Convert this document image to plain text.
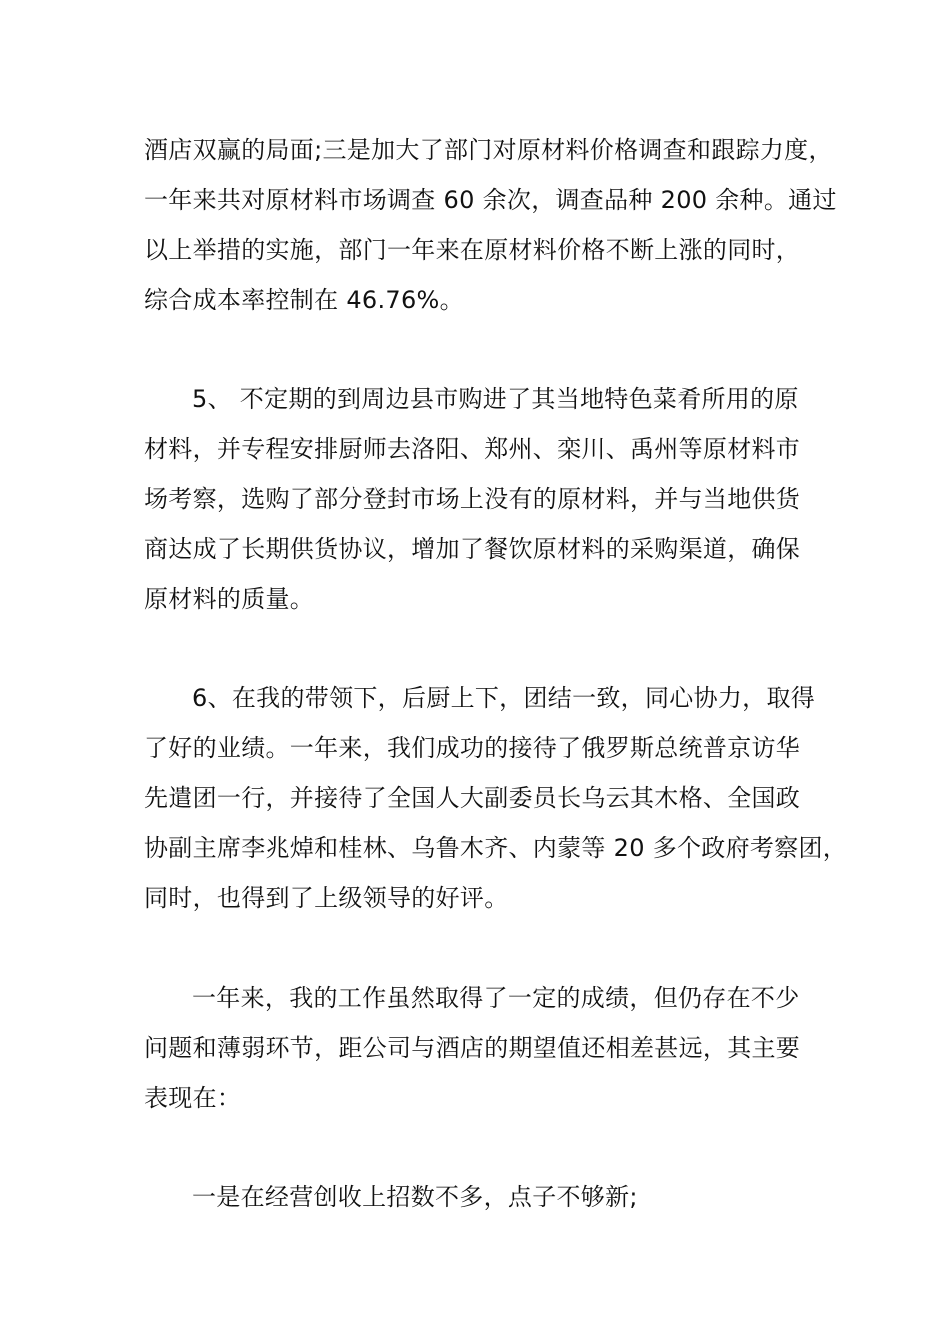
酒店双赢的局面;三是加大了部门对原材料价格调查和跟踪力度，
一年来共对原材料市场调查 60 余次，调查品种 200 余种。通过
以上举措的实施，部门一年来在原材料价格不断上涨的同时，
综合成本率控制在 46.76%。
5、 不定期的到周边县市购进了其当地特色菜肴所用的原
材料，并专程安排厨师去洛阳、郑州、栾川、禹州等原材料市
场考察，选购了部分登封市场上没有的原材料，并与当地供货
商达成了长期供货协议，增加了餐饮原材料的采购渠道，确保
原材料的质量。
6、在我的带领下，后厨上下，团结一致，同心协力，取得
了好的业绩。一年来，我们成功的接待了俄罗斯总统普京访华
先遣团一行，并接待了全国人大副委员长乌云其木格、全国政
协副主席李兆焯和桂林、乌鲁木齐、内蒙等 20 多个政府考察团，
同时，也得到了上级领导的好评。
一年来，我的工作虽然取得了一定的成绩，但仍存在不少
问题和薄弱环节，距公司与酒店的期望值还相差甚远，其主要
表现在：
一是在经营创收上招数不多，点子不够新;
